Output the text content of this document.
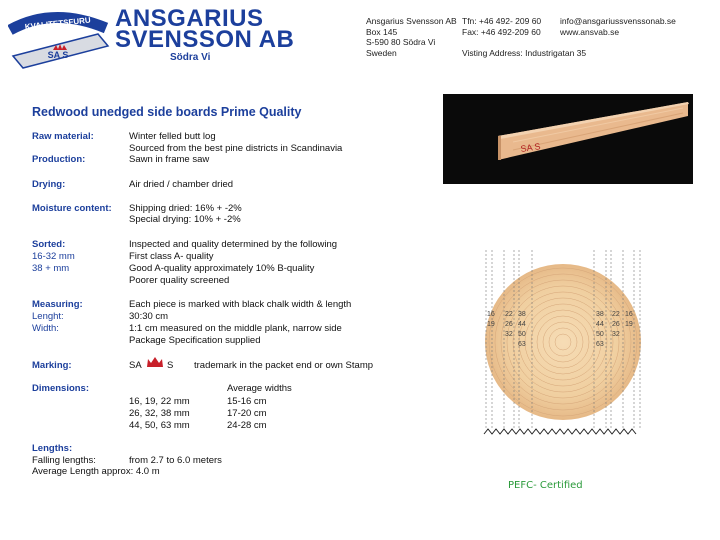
KVALITETSFURU
SA S
ANSGARIUS
SVENSSON AB
Södra Vi
Ansgarius Svensson AB
Box 145
S-590 80 Södra Vi
Sweden
Tfn: +46 492- 209 60
Fax: +46 492-209 60

Visting Address: Industrigatan 35
info@ansgariussvenssonab.se
www.ansvab.se
Redwood unedged side boards Prime Quality
Raw material:	Winter felled butt log
Sourced from the best pine districts in Scandinavia
Production:	Sawn in frame saw
Drying:	Air dried / chamber dried
Moisture content: Shipping dried: 16% + -2%
Special drying: 10% + -2%
Sorted:	Inspected and quality determined by the following
16-32 mm	First class A- quality
38 + mm	Good A-quality approximately 10% B-quality
Poorer quality screened
Measuring:	Each piece is marked with black chalk width & length
Lenght:	30:30 cm
Width:	1:1 cm measured on the middle plank, narrow side
Package Specification supplied
Marking:	SA	S trademark in the packet end or own Stamp
Dimensions:	Average widths
16, 19, 22 mm	15-16 cm
26, 32, 38 mm	17-20 cm
44, 50, 63 mm	24-28 cm
Lengths:
Falling lengths:	from 2.7 to 6.0 meters
Average Length approx: 4.0 m
SA S
16
19
22
26
32
38
44
50
63
38
44
50
63
22
26
32
16
19
PEFC- Certified
